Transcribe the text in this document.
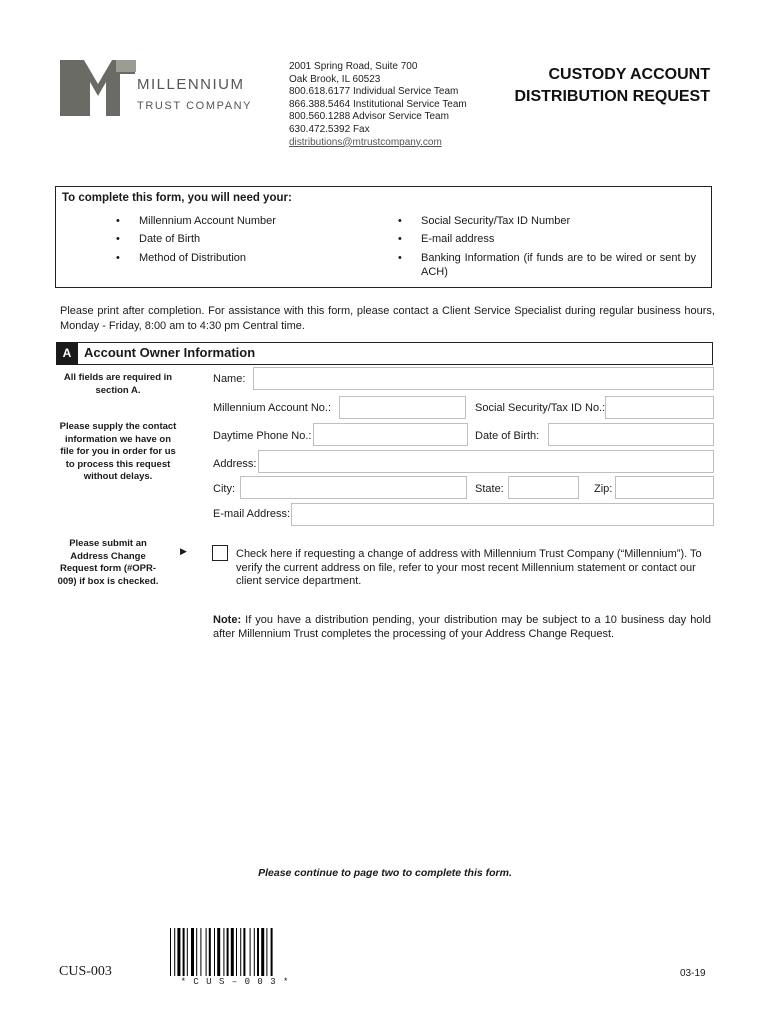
MILLENNIUM
TRUST COMPANY
2001 Spring Road, Suite 700
Oak Brook, IL 60523
800.618.6177 Individual Service Team
866.388.5464 Institutional Service Team
800.560.1288 Advisor Service Team
630.472.5392 Fax
distributions@mtrustcompany.com
CUSTODY ACCOUNT
DISTRIBUTION REQUEST
To complete this form, you will need your:
• Millennium Account Number
• Date of Birth
• Method of Distribution
• Social Security/Tax ID Number
• E-mail address
• Banking Information (if funds are to be wired or sent by ACH)
Please print after completion. For assistance with this form, please contact a Client Service Specialist during regular business hours, Monday - Friday, 8:00 am to 4:30 pm Central time.
A Account Owner Information
All fields are required in section A.
Please supply the contact information we have on file for you in order for us to process this request without delays.
Please submit an Address Change Request form (#OPR-009) if box is checked.
Name:
Millennium Account No.:	Social Security/Tax ID No.:
Daytime Phone No.:	Date of Birth:
Address:
City:	State:	Zip:
E-mail Address:
▶	Check here if requesting a change of address with Millennium Trust Company (“Millennium”). To verify the current address on file, refer to your most recent Millennium statement or contact our client service department.
Note: If you have a distribution pending, your distribution may be subject to a 10 business day hold after Millennium Trust completes the processing of your Address Change Request.
Please continue to page two to complete this form.
CUS-003
* C U S – 0 0 3 *
03-19
